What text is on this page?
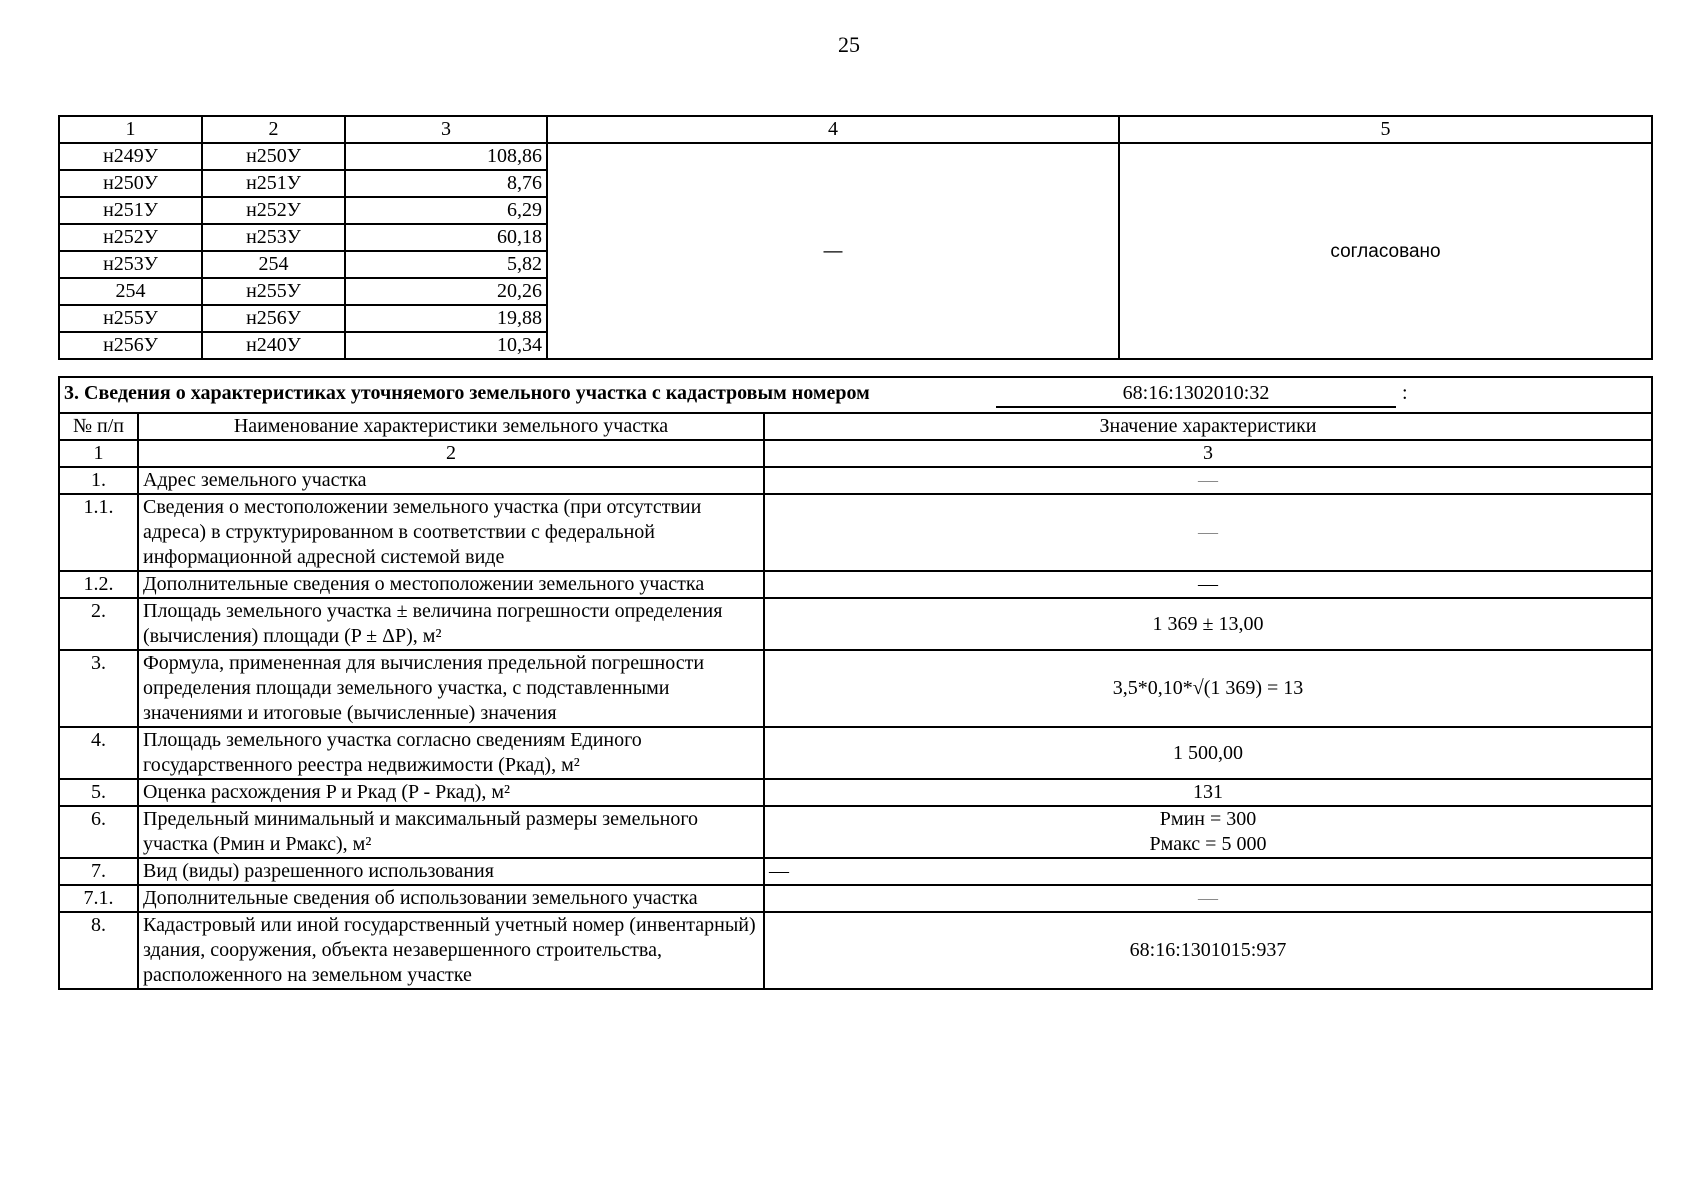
25
1	2	3	4	5
н249У	н250У	108,86	—	согласовано
н250У	н251У	8,76		
н251У	н252У	6,29		
н252У	н253У	60,18		
н253У	254	5,82		
254	н255У	20,26		
н255У	н256У	19,88		
н256У	н240У	10,34		
3. Сведения о характеристиках уточняемого земельного участка с кадастровым номером 68:16:1302010:32 :		

№ п/п	Наименование характеристики земельного участка	Значение характеристики
1	2	3
1.	Адрес земельного участка	—
1.1.	Сведения о местоположении земельного участка (при отсутствии адреса) в структурированном в соответствии с федеральной информационной адресной системой виде	—
1.2.	Дополнительные сведения о местоположении земельного участка	—
2.	Площадь земельного участка ± величина погрешности определения (вычисления) площади (P ± ΔP), м²	1 369 ± 13,00
3.	Формула, примененная для вычисления предельной погрешности определения площади земельного участка, с подставленными значениями и итоговые (вычисленные) значения	3,5*0,10*√(1 369) = 13
4.	Площадь земельного участка согласно сведениям Единого государственного реестра недвижимости (Ркад), м²	1 500,00
5.	Оценка расхождения P и Ркад (P - Ркад), м²	131
6.	Предельный минимальный и максимальный размеры земельного участка (Рмин и Рмакс), м²	Рмин = 300
Рмакс = 5 000

7.	Вид (виды) разрешенного использования	—
7.1.	Дополнительные сведения об использовании земельного участка	—
8.	Кадастровый или иной государственный учетный номер (инвентарный) здания, сооружения, объекта незавершенного строительства, расположенного на земельном участке	68:16:1301015:937
